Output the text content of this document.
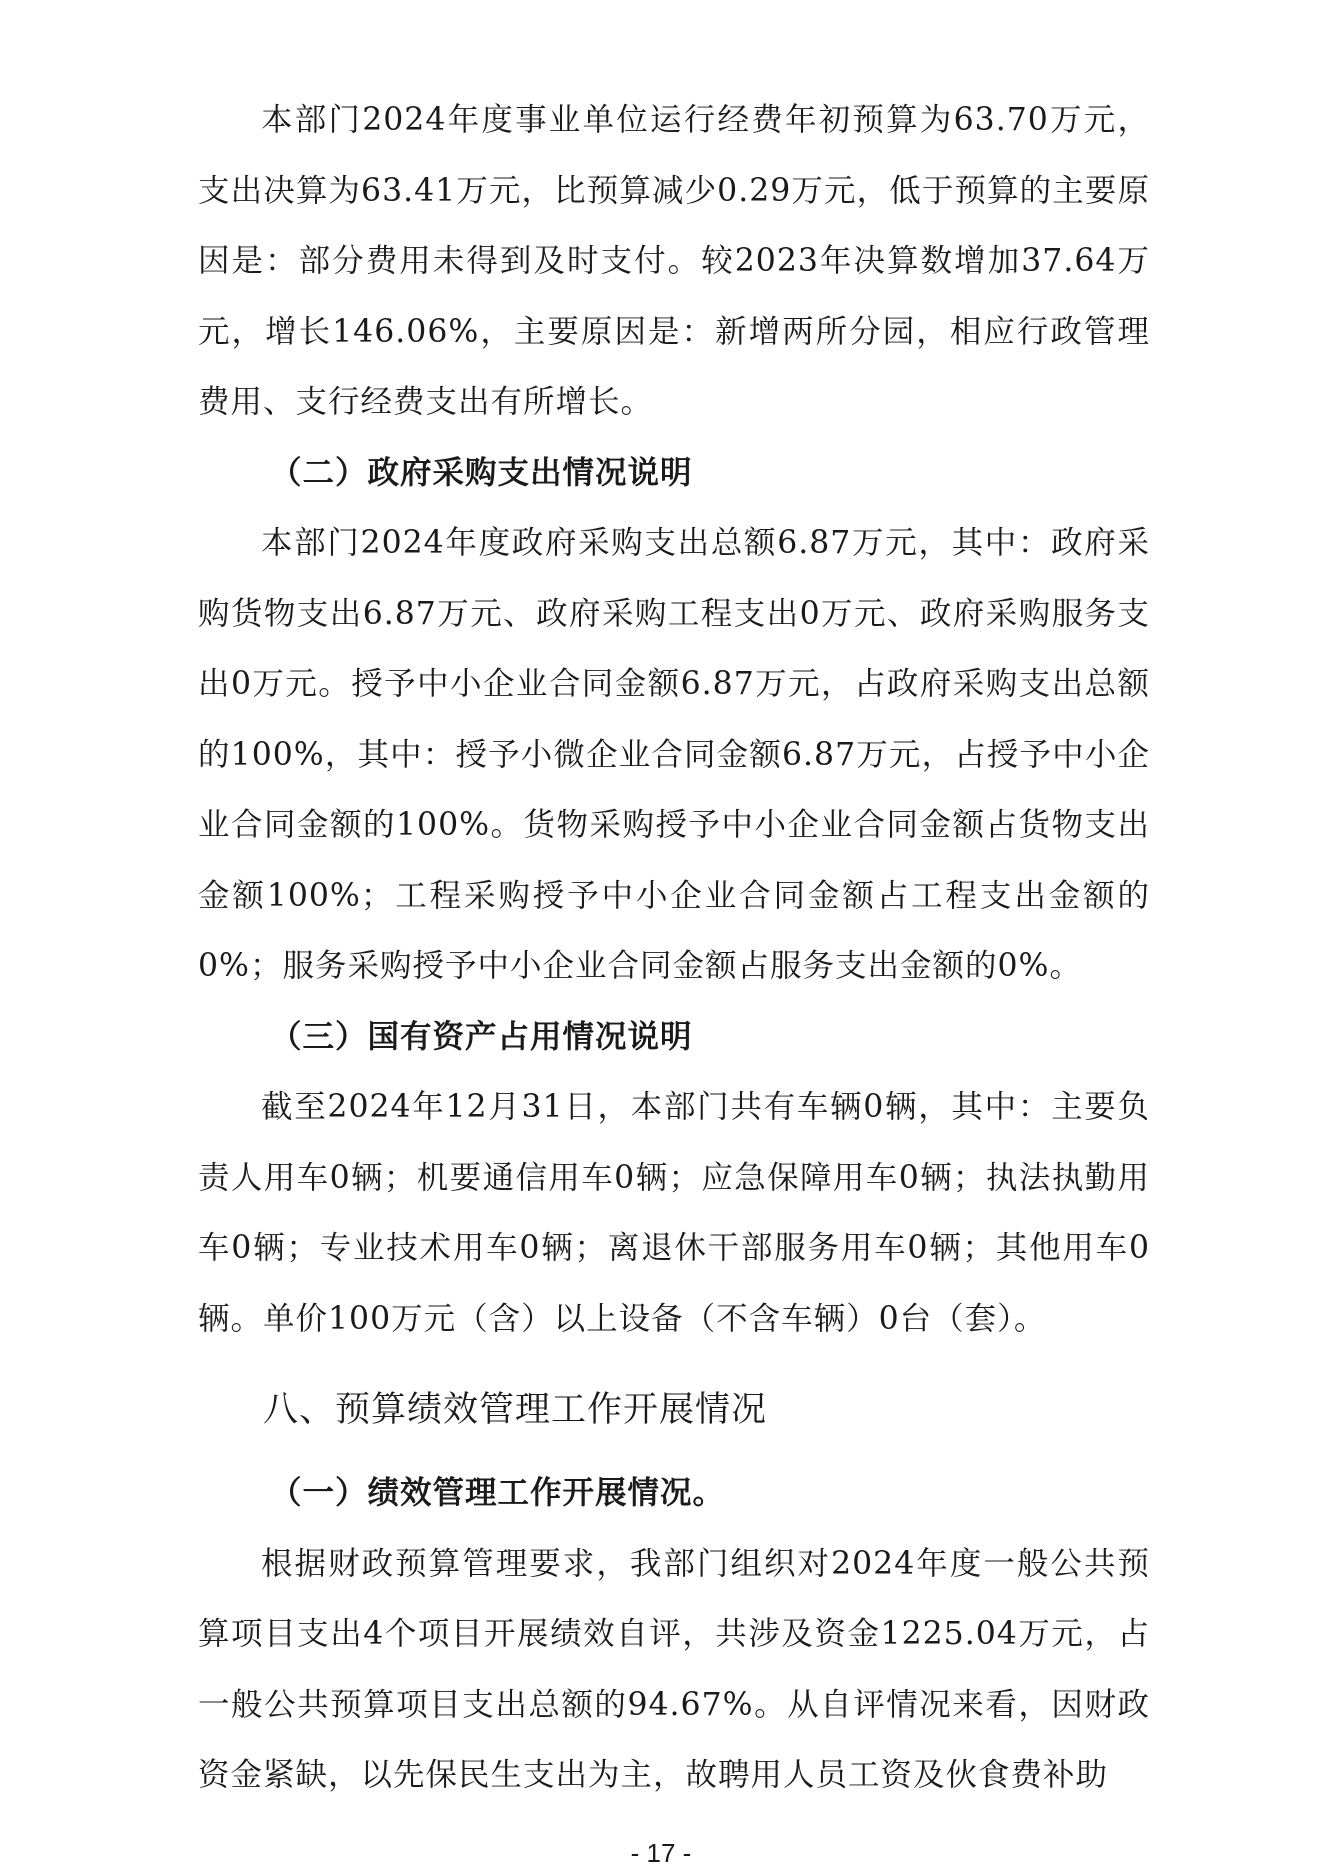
本部门2024年度事业单位运行经费年初预算为63.70万元，支出决算为63.41万元，比预算减少0.29万元，低于预算的主要原因是：部分费用未得到及时支付。较2023年决算数增加37.64万元，增长146.06%，主要原因是：新增两所分园，相应行政管理费用、支行经费支出有所增长。

（二）政府采购支出情况说明

本部门2024年度政府采购支出总额6.87万元，其中：政府采购货物支出6.87万元、政府采购工程支出0万元、政府采购服务支出0万元。授予中小企业合同金额6.87万元，占政府采购支出总额的100%，其中：授予小微企业合同金额6.87万元，占授予中小企业合同金额的100%。货物采购授予中小企业合同金额占货物支出金额100%；工程采购授予中小企业合同金额占工程支出金额的0%；服务采购授予中小企业合同金额占服务支出金额的0%。

（三）国有资产占用情况说明

截至2024年12月31日，本部门共有车辆0辆，其中：主要负责人用车0辆；机要通信用车0辆；应急保障用车0辆；执法执勤用车0辆；专业技术用车0辆；离退休干部服务用车0辆；其他用车0辆。单价100万元（含）以上设备（不含车辆）0台（套）。

八、预算绩效管理工作开展情况

（一）绩效管理工作开展情况。

根据财政预算管理要求，我部门组织对2024年度一般公共预算项目支出4个项目开展绩效自评，共涉及资金1225.04万元，占一般公共预算项目支出总额的94.67%。从自评情况来看，因财政资金紧缺，以先保民生支出为主，故聘用人员工资及伙食费补助

- 17 -
